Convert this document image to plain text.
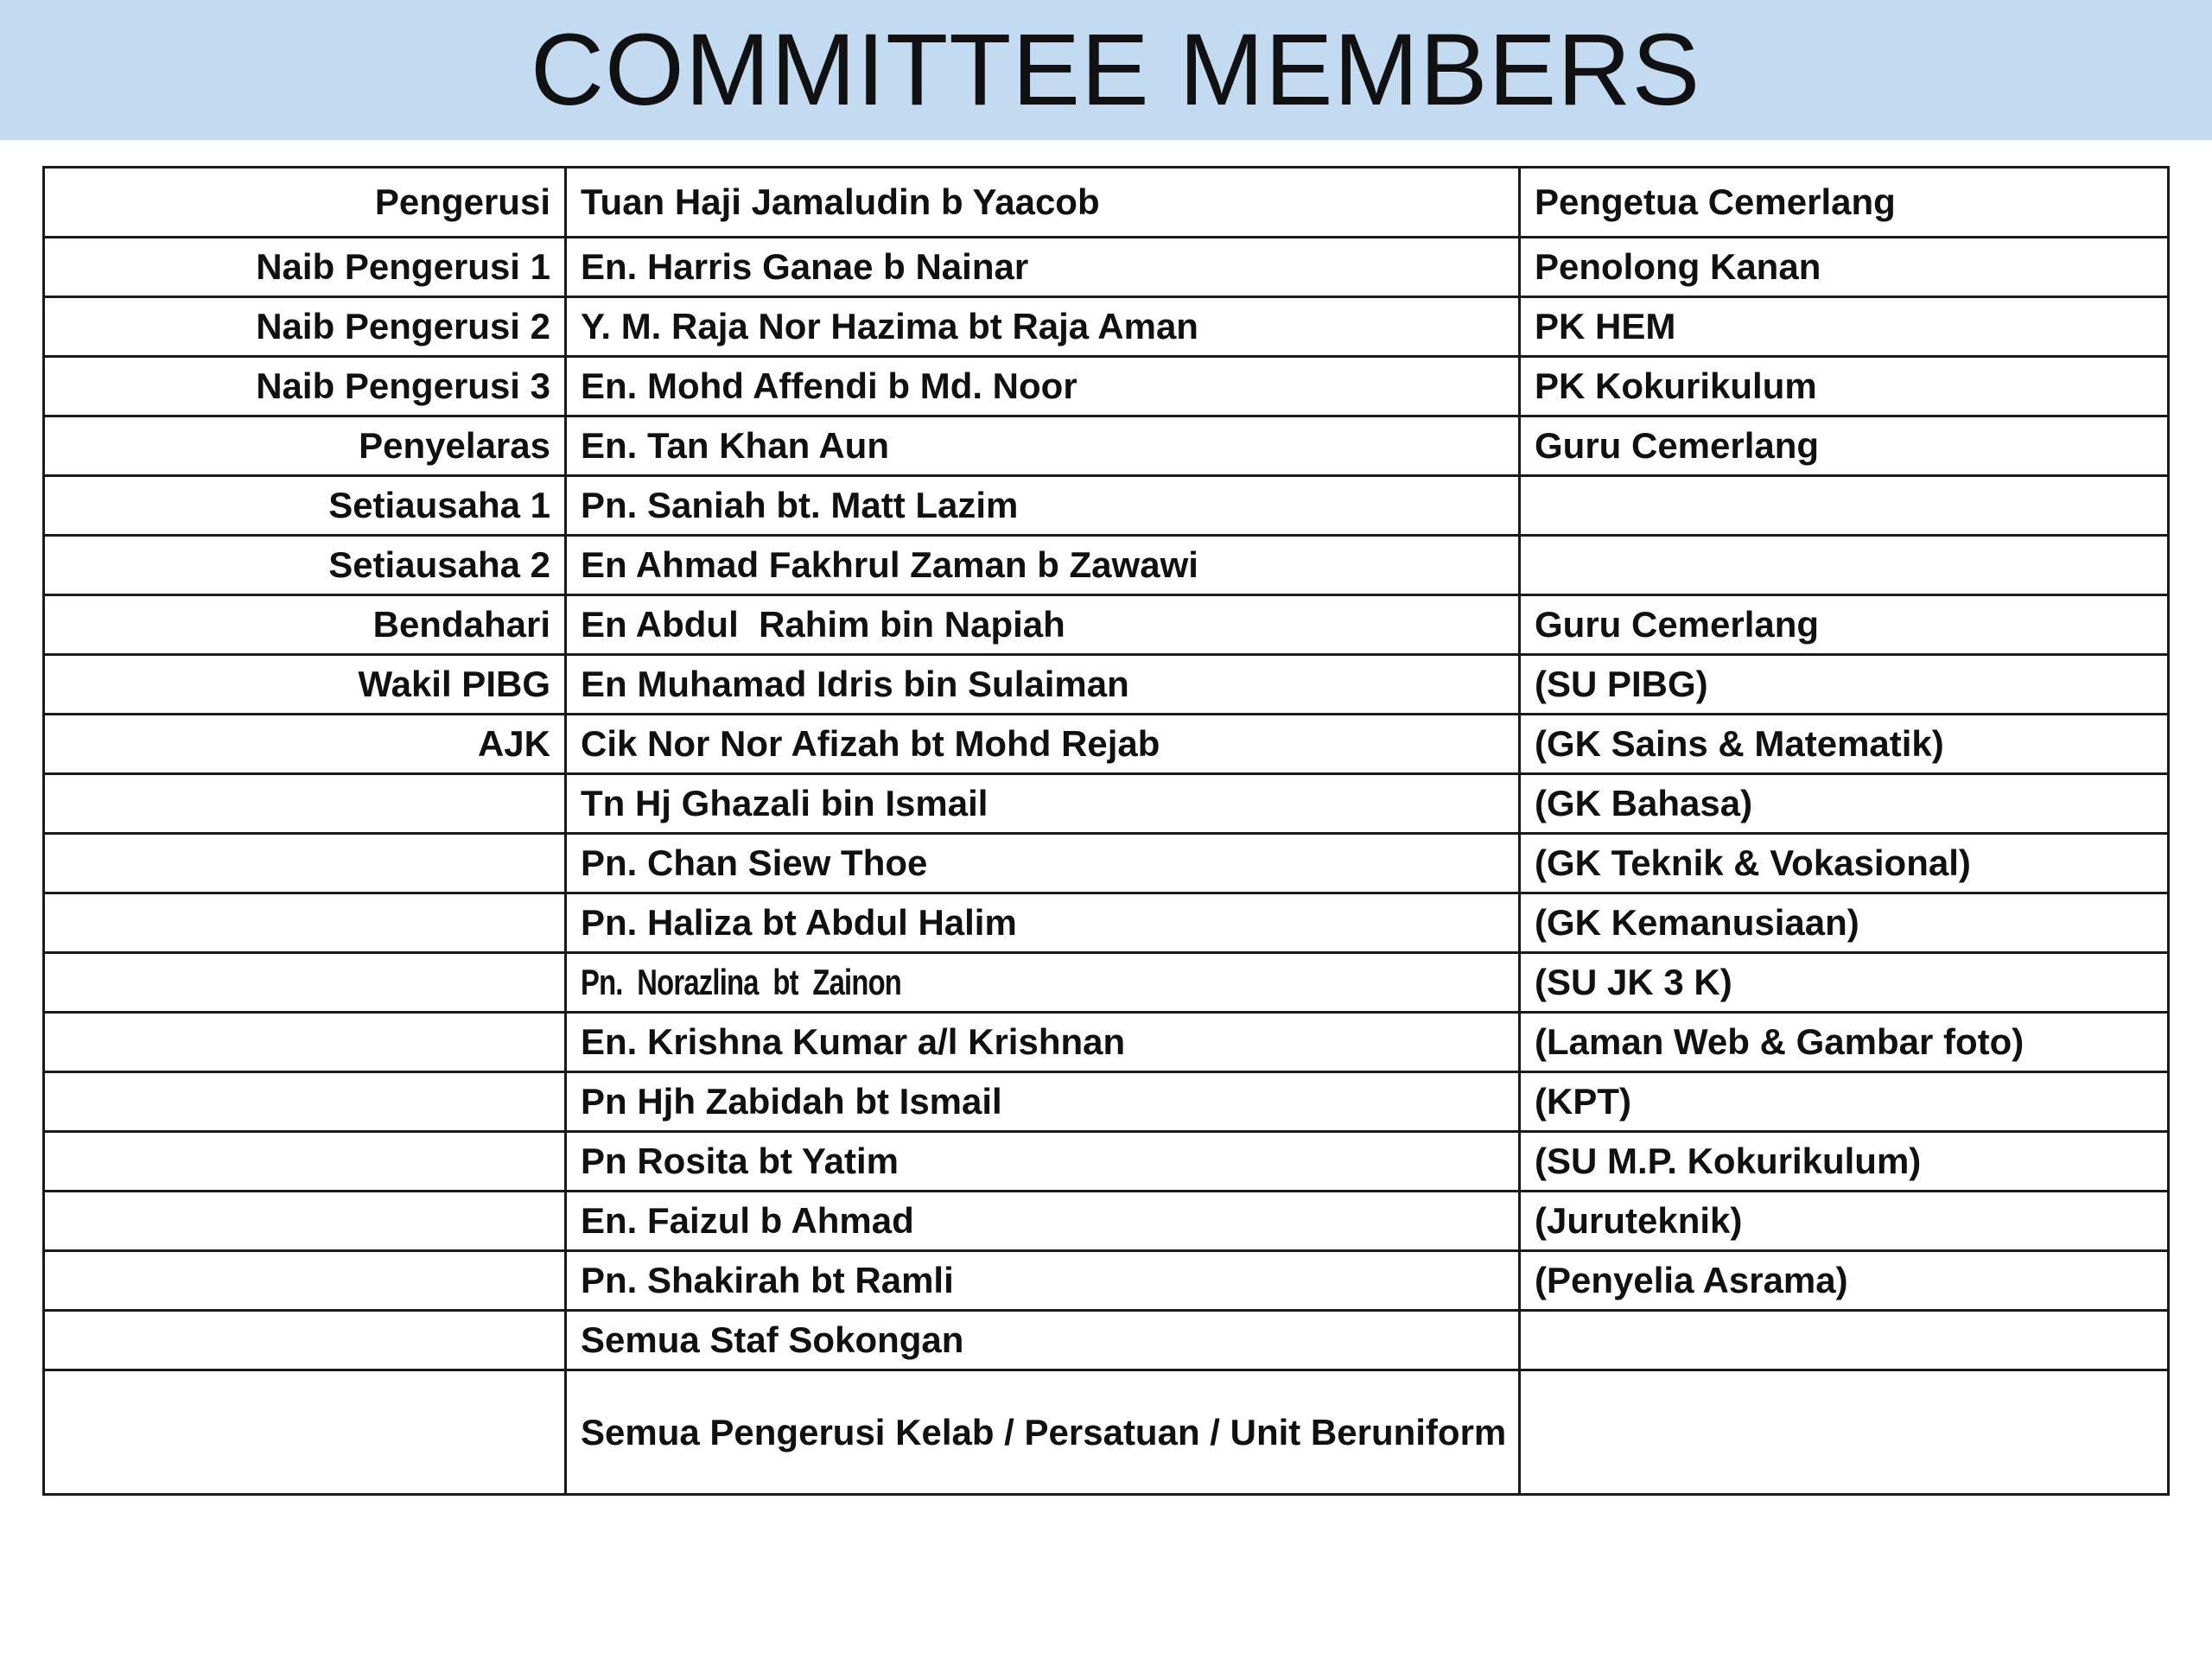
COMMITTEE MEMBERS
Pengerusi	Tuan Haji Jamaludin b Yaacob	Pengetua Cemerlang
Naib Pengerusi 1	En. Harris Ganae b Nainar	Penolong Kanan
Naib Pengerusi 2	Y. M. Raja Nor Hazima bt Raja Aman	PK HEM
Naib Pengerusi 3	En. Mohd Affendi b Md. Noor	PK Kokurikulum
Penyelaras	En. Tan Khan Aun	Guru Cemerlang
Setiausaha 1	Pn. Saniah bt. Matt Lazim	
Setiausaha 2	En Ahmad Fakhrul Zaman b Zawawi	
Bendahari	En Abdul  Rahim bin Napiah	Guru Cemerlang
Wakil PIBG	En Muhamad Idris bin Sulaiman	(SU PIBG)
AJK	Cik Nor Nor Afizah bt Mohd Rejab	(GK Sains & Matematik)
	Tn Hj Ghazali bin Ismail	(GK Bahasa)
	Pn. Chan Siew Thoe	(GK Teknik & Vokasional)
	Pn. Haliza bt Abdul Halim	(GK Kemanusiaan)
	Pn.  Norazlina  bt  Zainon	(SU JK 3 K)
	En. Krishna Kumar a/l Krishnan	(Laman Web & Gambar foto)
	Pn Hjh Zabidah bt Ismail	(KPT)
	Pn Rosita bt Yatim	(SU M.P. Kokurikulum)
	En. Faizul b Ahmad	(Juruteknik)
	Pn. Shakirah bt Ramli	(Penyelia Asrama)
	Semua Staf Sokongan	
	Semua Pengerusi Kelab / Persatuan / Unit Beruniform	
